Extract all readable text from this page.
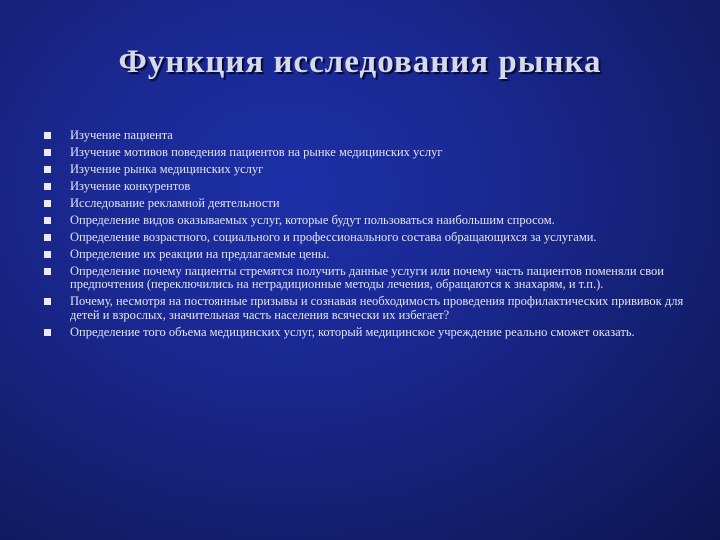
Функция исследования рынка
Изучение пациента
Изучение мотивов поведения пациентов на рынке медицинских услуг
Изучение рынка медицинских услуг
Изучение конкурентов
Исследование рекламной деятельности
Определение видов оказываемых услуг, которые будут пользоваться наибольшим спросом.
Определение возрастного, социального и профессионального состава обращающихся за услугами.
Определение их реакции на предлагаемые цены.
Определение почему пациенты стремятся получить данные услуги или почему часть пациентов поменяли свои предпочтения (переключились на нетрадиционные методы лечения, обращаются к знахарям, и т.п.).
Почему, несмотря на постоянные призывы и сознавая необходимость проведения профилактических прививок для детей и взрослых, значительная часть населения всячески их избегает?
Определение того объема медицинских услуг, который медицинское учреждение реально сможет оказать.
